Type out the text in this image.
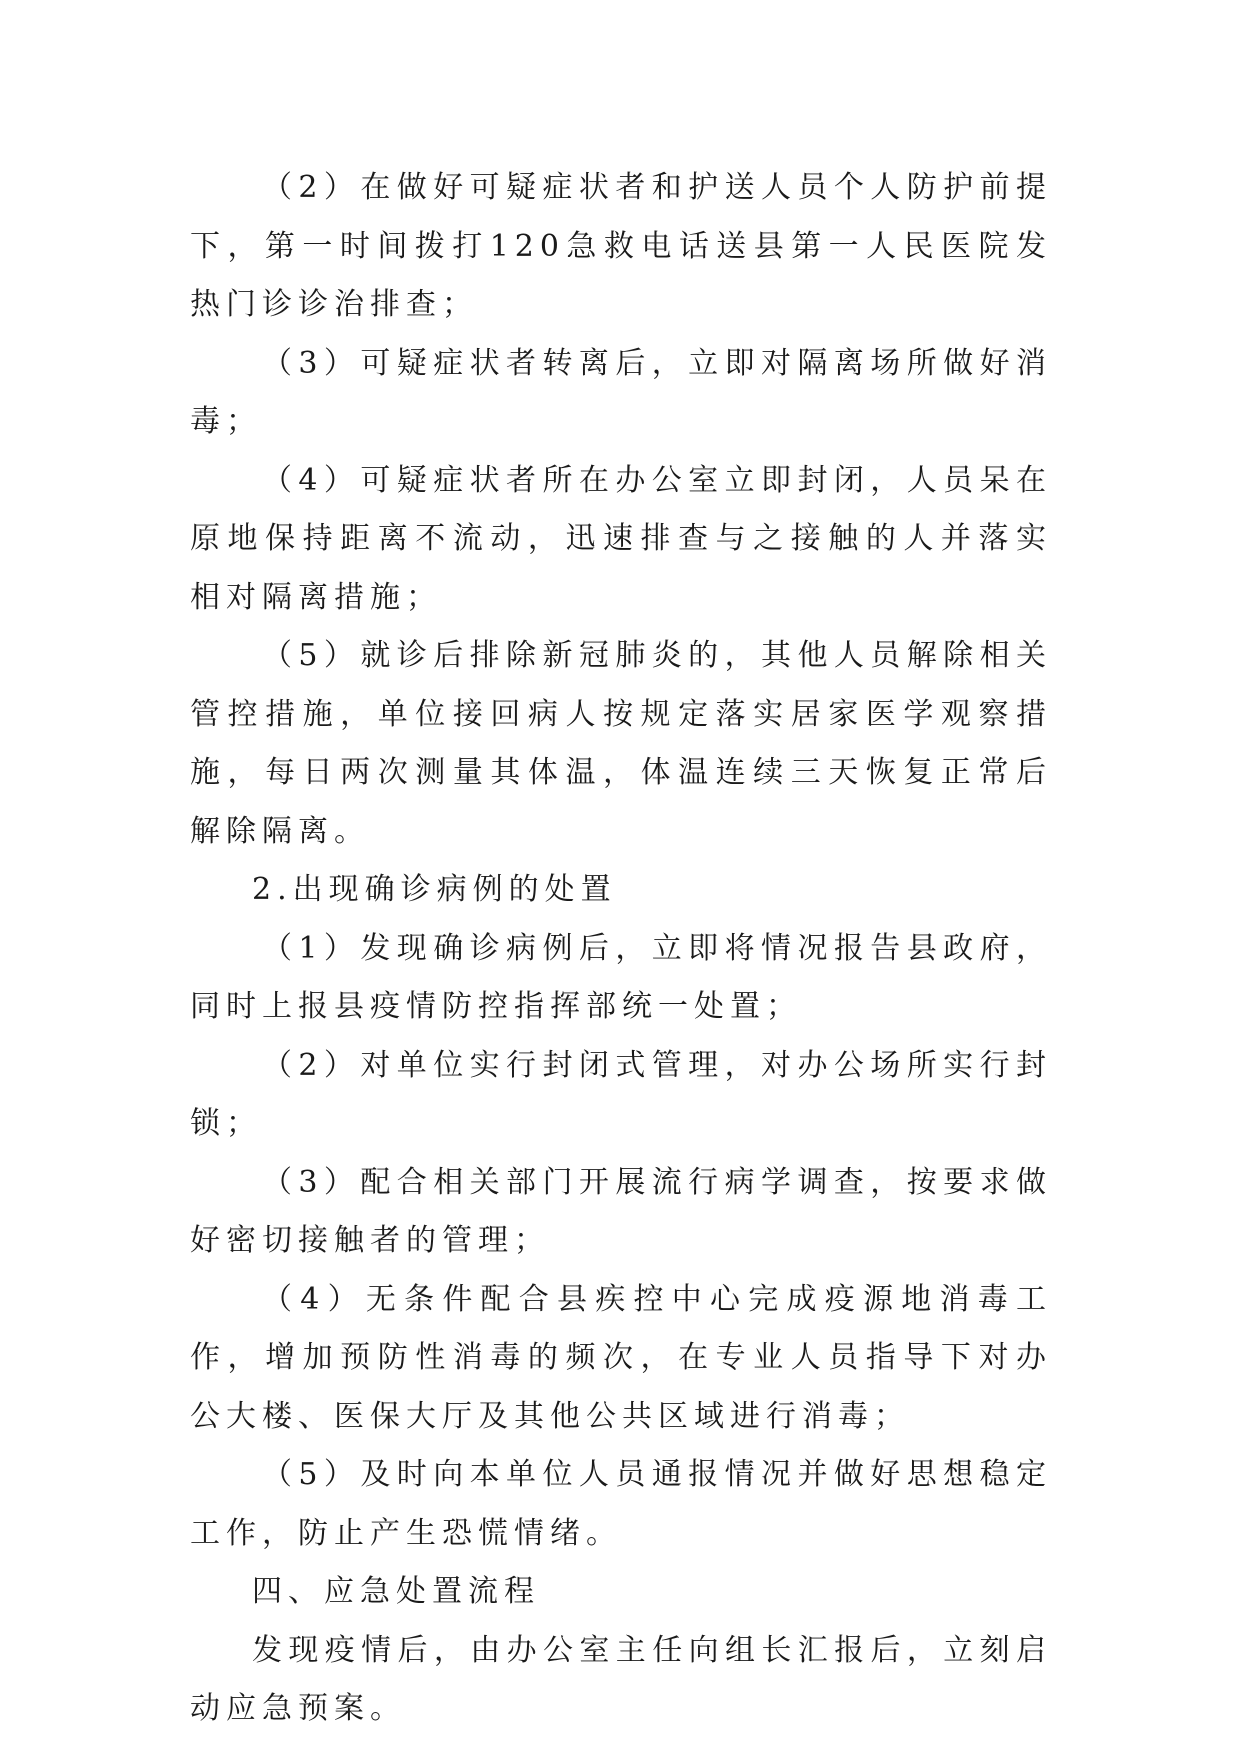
（2）在做好可疑症状者和护送人员个人防护前提下，第一时间拨打120急救电话送县第一人民医院发热门诊诊治排查；

（3）可疑症状者转离后，立即对隔离场所做好消毒；

（4）可疑症状者所在办公室立即封闭，人员呆在原地保持距离不流动，迅速排查与之接触的人并落实相对隔离措施；

（5）就诊后排除新冠肺炎的，其他人员解除相关管控措施，单位接回病人按规定落实居家医学观察措施，每日两次测量其体温，体温连续三天恢复正常后解除隔离。

2.出现确诊病例的处置

（1）发现确诊病例后，立即将情况报告县政府，同时上报县疫情防控指挥部统一处置；

（2）对单位实行封闭式管理，对办公场所实行封锁；

（3）配合相关部门开展流行病学调查，按要求做好密切接触者的管理；

（4）无条件配合县疾控中心完成疫源地消毒工作，增加预防性消毒的频次，在专业人员指导下对办公大楼、医保大厅及其他公共区域进行消毒；

（5）及时向本单位人员通报情况并做好思想稳定工作，防止产生恐慌情绪。

四、应急处置流程

发现疫情后，由办公室主任向组长汇报后，立刻启动应急预案。
